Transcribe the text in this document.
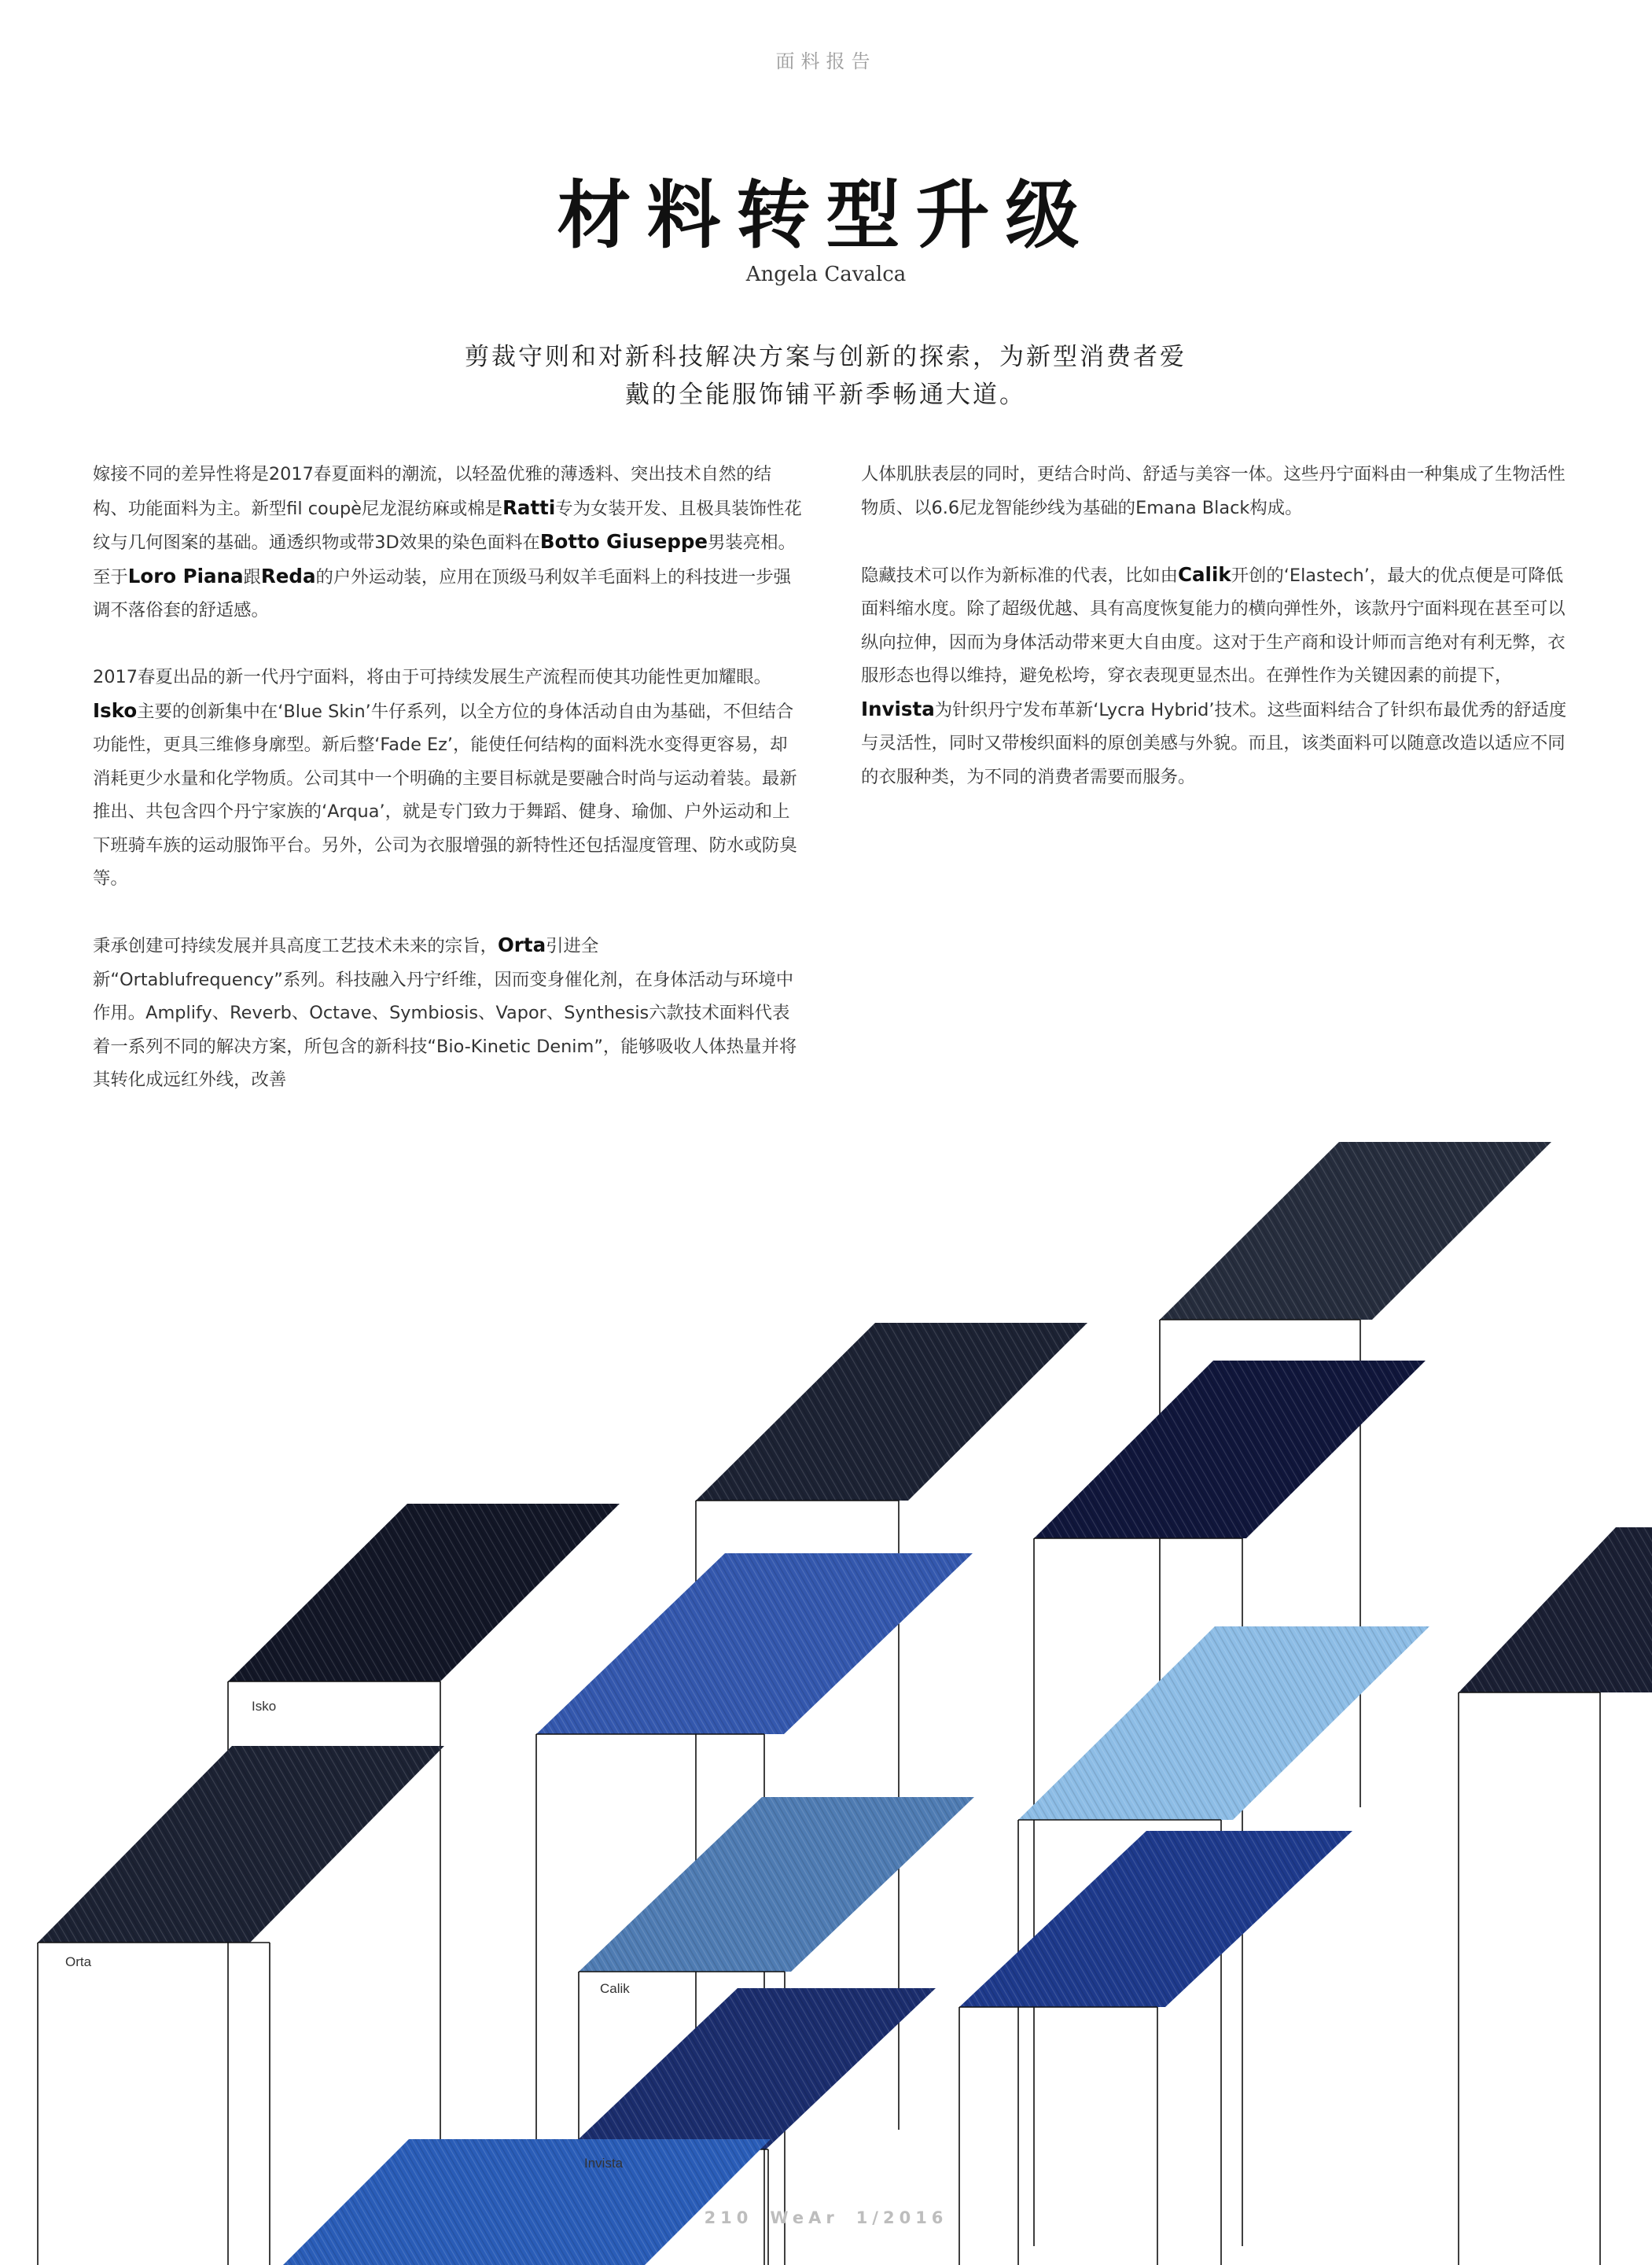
面料报告
材料转型升级
Angela Cavalca
剪裁守则和对新科技解决方案与创新的探索，为新型消费者爱戴的全能服饰铺平新季畅通大道。

嫁接不同的差异性将是2017春夏面料的潮流，以轻盈优雅的薄透料、突出技术自然的结构、功能面料为主。新型fil coupè尼龙混纺麻或棉是Ratti专为女装开发、且极具装饰性花纹与几何图案的基础。通透织物或带3D效果的染色面料在Botto Giuseppe男装亮相。至于Loro Piana跟Reda的户外运动装，应用在顶级马利奴羊毛面料上的科技进一步强调不落俗套的舒适感。

2017春夏出品的新一代丹宁面料，将由于可持续发展生产流程而使其功能性更加耀眼。Isko主要的创新集中在‘Blue Skin’牛仔系列，以全方位的身体活动自由为基础，不但结合功能性，更具三维修身廓型。新后整‘Fade Ez’，能使任何结构的面料洗水变得更容易，却消耗更少水量和化学物质。公司其中一个明确的主要目标就是要融合时尚与运动着装。最新推出、共包含四个丹宁家族的‘Arqua’，就是专门致力于舞蹈、健身、瑜伽、户外运动和上下班骑车族的运动服饰平台。另外，公司为衣服增强的新特性还包括湿度管理、防水或防臭等。

秉承创建可持续发展并具高度工艺技术未来的宗旨，Orta引进全新“Ortablufrequency”系列。科技融入丹宁纤维，因而变身催化剂，在身体活动与环境中作用。Amplify、Reverb、Octave、Symbiosis、Vapor、Synthesis六款技术面料代表着一系列不同的解决方案，所包含的新科技“Bio-Kinetic Denim”，能够吸收人体热量并将其转化成远红外线，改善

人体肌肤表层的同时，更结合时尚、舒适与美容一体。这些丹宁面料由一种集成了生物活性物质、以6.6尼龙智能纱线为基础的Emana Black构成。

隐藏技术可以作为新标准的代表，比如由Calik开创的‘Elastech’，最大的优点便是可降低面料缩水度。除了超级优越、具有高度恢复能力的横向弹性外，该款丹宁面料现在甚至可以纵向拉伸，因而为身体活动带来更大自由度。这对于生产商和设计师而言绝对有利无弊，衣服形态也得以维持，避免松垮，穿衣表现更显杰出。在弹性作为关键因素的前提下，Invista为针织丹宁发布革新‘Lycra Hybrid’技术。这些面料结合了针织布最优秀的舒适度与灵活性，同时又带梭织面料的原创美感与外貌。而且，该类面料可以随意改造以适应不同的衣服种类，为不同的消费者需要而服务。

Isko
Orta
Calik
Invista
210 WeAr 1/2016
